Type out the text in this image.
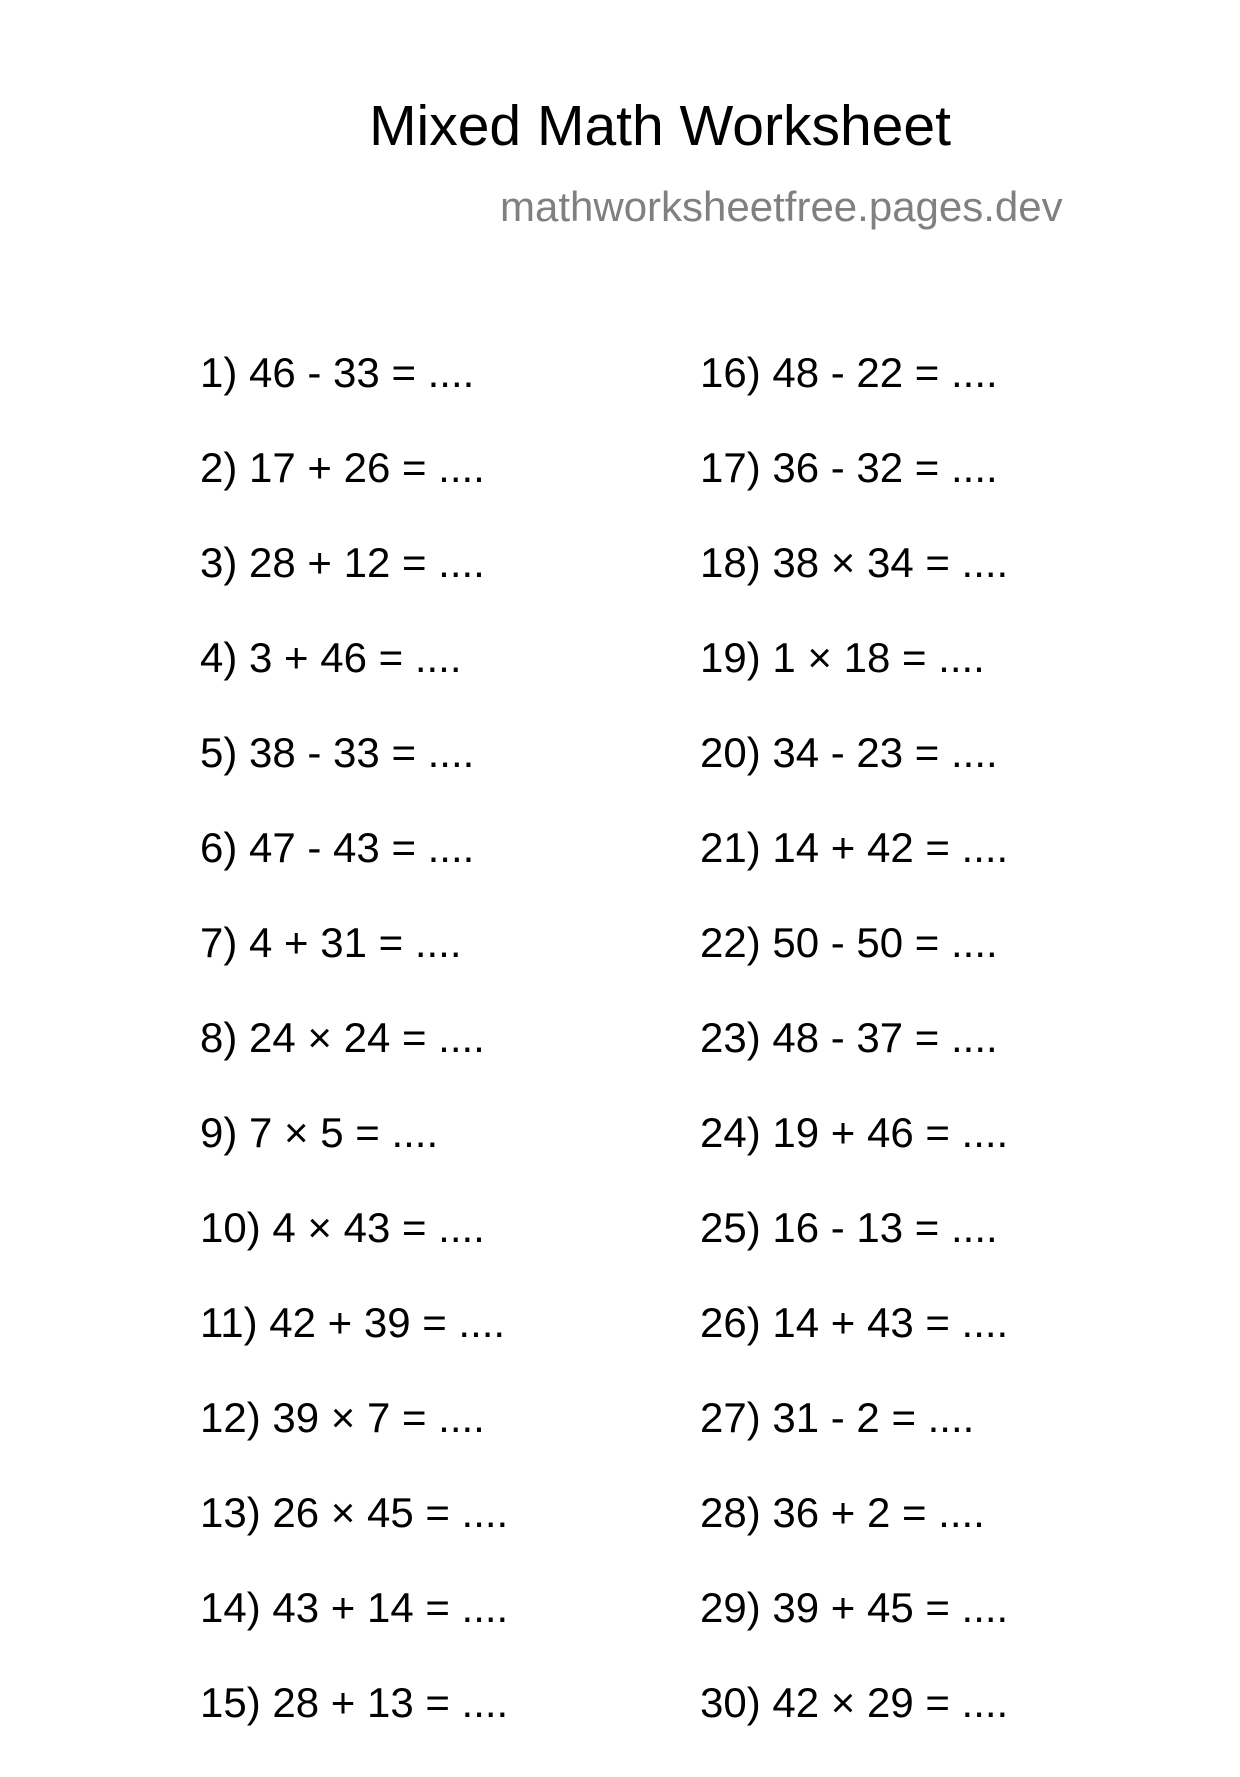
Mixed Math Worksheet
mathworksheetfree.pages.dev
1) 46 - 33 = ....
2) 17 + 26 = ....
3) 28 + 12 = ....
4) 3 + 46 = ....
5) 38 - 33 = ....
6) 47 - 43 = ....
7) 4 + 31 = ....
8) 24 × 24 = ....
9) 7 × 5 = ....
10) 4 × 43 = ....
11) 42 + 39 = ....
12) 39 × 7 = ....
13) 26 × 45 = ....
14) 43 + 14 = ....
15) 28 + 13 = ....
16) 48 - 22 = ....
17) 36 - 32 = ....
18) 38 × 34 = ....
19) 1 × 18 = ....
20) 34 - 23 = ....
21) 14 + 42 = ....
22) 50 - 50 = ....
23) 48 - 37 = ....
24) 19 + 46 = ....
25) 16 - 13 = ....
26) 14 + 43 = ....
27) 31 - 2 = ....
28) 36 + 2 = ....
29) 39 + 45 = ....
30) 42 × 29 = ....
